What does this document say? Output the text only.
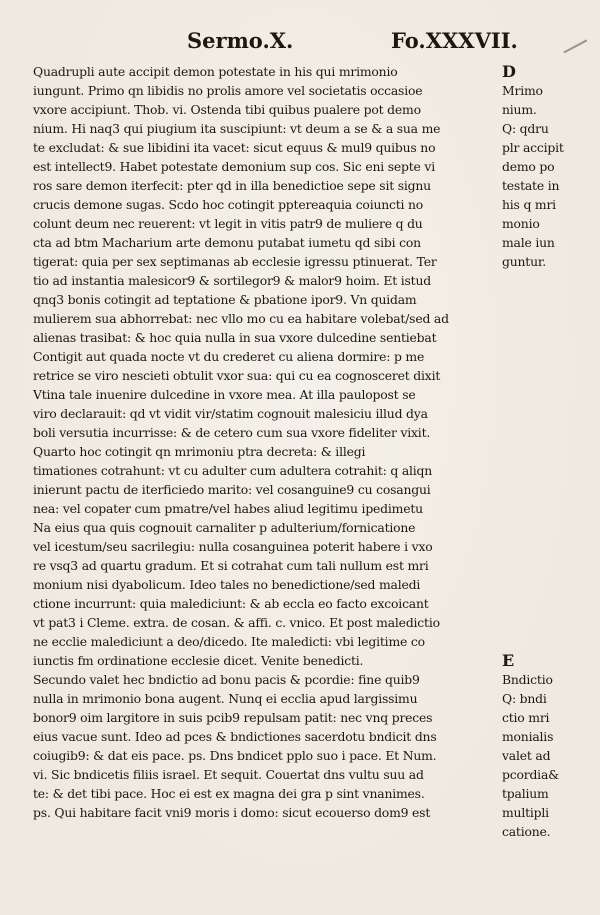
Sermo.X.	Fo.XXXVII.
Quadrupli aute accipit demon potestate in his qui mrimonio
iungunt. Primo qn libidis no prolis amore vel societatis occasioe
vxore accipiunt. Thob. vi. Ostenda tibi quibus pualere pot demo
nium. Hi naq3 qui piugium ita suscipiunt: vt deum a se & a sua me
te excludat: & sue libidini ita vacet: sicut equus & mul9 quibus no
est intellect9. Habet potestate demonium sup cos. Sic eni septe vi
ros sare demon iterfecit: pter qd in illa benedictioe sepe sit signu
crucis demone sugas. Scdo hoc cotingit pptereaquia coiuncti no
colunt deum nec reuerent: vt legit in vitis patr9 de muliere q du
cta ad btm Macharium arte demonu putabat iumetu qd sibi con
tigerat: quia per sex septimanas ab ecclesie igressu ptinuerat. Ter
tio ad instantia malesicor9 & sortilegor9 & malor9 hoim. Et istud
qnq3 bonis cotingit ad teptatione & pbatione ipor9. Vn quidam
mulierem sua abhorrebat: nec vllo mo cu ea habitare volebat/sed ad
alienas trasibat: & hoc quia nulla in sua vxore dulcedine sentiebat
Contigit aut quada nocte vt du crederet cu aliena dormire: p me
retrice se viro nescieti obtulit vxor sua: qui cu ea cognosceret dixit
Vtina tale inuenire dulcedine in vxore mea. At illa paulopost se
viro declarauit: qd vt vidit vir/statim cognouit malesiciu illud dya
boli versutia incurrisse: & de cetero cum sua vxore fideliter vixit.
Quarto hoc cotingit qn mrimoniu ptra decreta: & illegi
timationes cotrahunt: vt cu adulter cum adultera cotrahit: q aliqn
inierunt pactu de iterficiedo marito: vel cosanguine9 cu cosangui
nea: vel copater cum pmatre/vel habes aliud legitimu ipedimetu
Na eius qua quis cognouit carnaliter p adulterium/fornicatione
vel icestum/seu sacrilegiu: nulla cosanguinea poterit habere i vxo
re vsq3 ad quartu gradum. Et si cotrahat cum tali nullum est mri
monium nisi dyabolicum. Ideo tales no benedictione/sed maledi
ctione incurrunt: quia malediciunt: & ab eccla eo facto excoicant
vt pat3 i Cleme. extra. de cosan. & affi. c. vnico. Et post maledictio
ne ecclie malediciunt a deo/dicedo. Ite maledicti: vbi legitime co
iunctis fm ordinatione ecclesie dicet. Venite benedicti.
Secundo valet hec bndictio ad bonu pacis & pcordie: fine quib9
nulla in mrimonio bona augent. Nunq ei ecclia apud largissimu
bonor9 oim largitore in suis pcib9 repulsam patit: nec vnq preces
eius vacue sunt. Ideo ad pces & bndictiones sacerdotu bndicit dns
coiugib9: & dat eis pace. ps. Dns bndicet pplo suo i pace. Et Num.
vi. Sic bndicetis filiis israel. Et sequit. Couertat dns vultu suu ad
te: & det tibi pace. Hoc ei est ex magna dei gra p sint vnanimes.
ps. Qui habitare facit vni9 moris i domo: sicut ecouerso dom9 est
D
Mrimo
nium.
Q: qdru
plr accipit
demo po
testate in
his q mri
monio
male iun
guntur.
E
Bndictio
Q: bndi
ctio mri
monialis
valet ad
pcordia&
tpalium
multipli
catione.
